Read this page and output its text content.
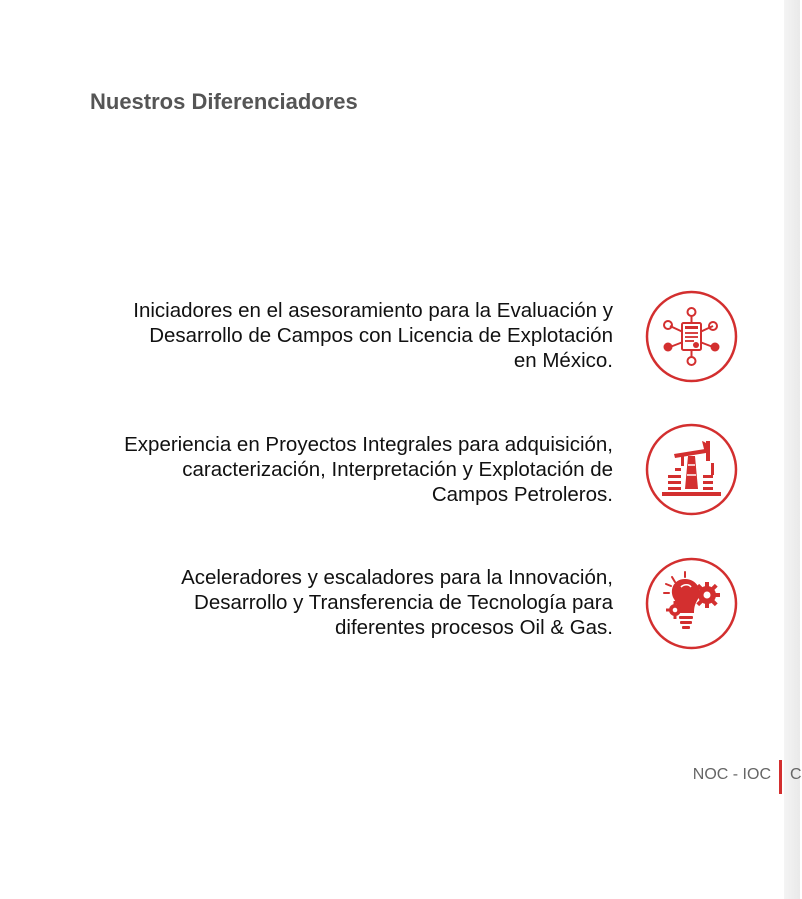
Nuestros Diferenciadores
Iniciadores en el asesoramiento para la Evaluación y
Desarrollo de Campos con Licencia de Explotación
en México.
Experiencia en Proyectos Integrales para adquisición,
caracterización, Interpretación y Explotación de
Campos Petroleros.
Aceleradores y escaladores para la Innovación,
Desarrollo y Transferencia de Tecnología para
diferentes procesos Oil & Gas.
NOC - IOC C
